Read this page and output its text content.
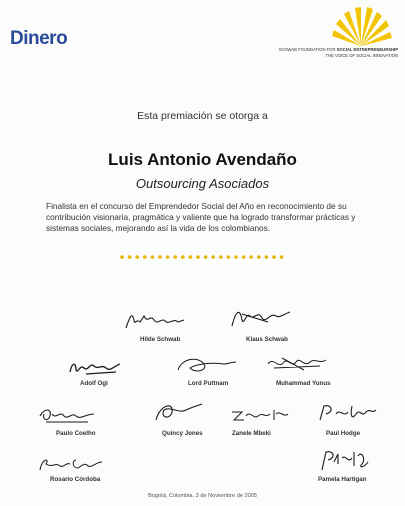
Dinero
SCHWAB FOUNDATION FOR SOCIAL ENTREPRENEURSHIP
THE VOICE OF SOCIAL INNOVATION
Esta premiación se otorga a
Luis Antonio Avendaño
Outsourcing Asociados
Finalista en el concurso del Emprendedor Social del Año en reconocimiento de su contribución visionaria, pragmática y valiente que ha logrado transformar prácticas y sistemas sociales, mejorando así la vida de los colombianos.
Hilde Schwab	Klaus Schwab
Adolf Ogi	Lord Puttnam	Muhammad Yunus
Paulo Coelho	Quincy Jones	Zanele Mbeki	Paul Hodge
Rosario Córdoba	Pamela Hartigan
Bogotá, Colombia, 3 de Noviembre de 2005
